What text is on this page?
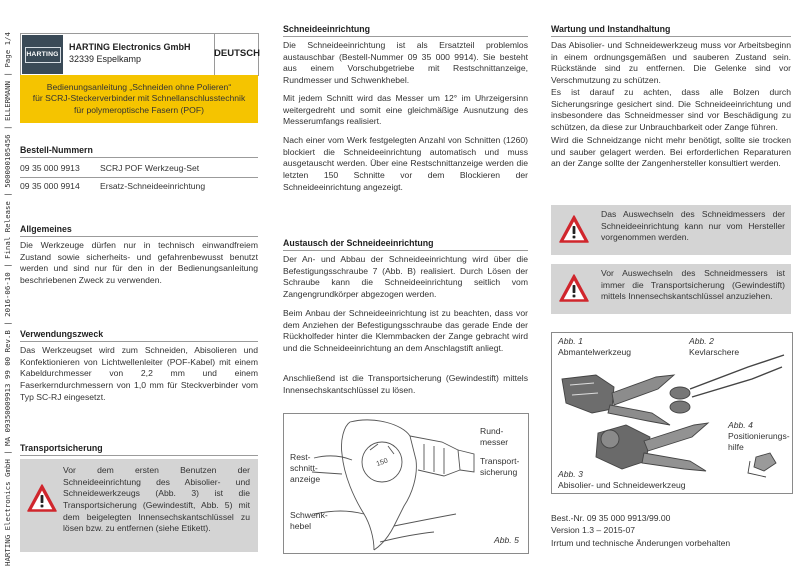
HARTING Electronics GmbH | MA 09350009913 99 00 Rev.B | 2016-06-10 | Final Release | 500000105456 | ELLERMANN | Page 1/4 HARTING
HARTING Electronics GmbH
32339 Espelkamp
DEUTSCH
Bedienungsanleitung „Schneiden ohne Polieren“
für SCRJ-Steckerverbinder mit Schnellanschlusstechnik
für polymeroptische Fasern (POF)
Bestell-Nummern
09 35 000 9913 SCRJ POF Werkzeug-Set
09 35 000 9914 Ersatz-Schneideeinrichtung
Allgemeines
Die Werkzeuge dürfen nur in technisch einwandfreiem Zustand sowie sicherheits- und gefahrenbewusst benutzt werden und sind nur für den in der Bedienungsanleitung beschriebenen Zweck zu verwenden.
Verwendungszweck
Das Werkzeugset wird zum Schneiden, Abisolieren und Konfektionieren von Lichtwellenleiter (POF-Kabel) mit einem Kabeldurchmesser von 2,2 mm und einem Faserkerndurchmessern von 1,0 mm für Steckverbinder vom Typ SC-RJ eingesetzt.
Transportsicherung
Vor dem ersten Benutzen der Schneideeinrichtung des Abisolier- und Schneidewerkzeugs (Abb. 3) ist die Transportsicherung (Gewindestift, Abb. 5) mit dem beigelegten Innensechskantschlüssel zu lösen bzw. zu entfernen (siehe Etikett).
Schneideeinrichtung
Die Schneideeinrichtung ist als Ersatzteil problemlos austauschbar (Bestell-Nummer 09 35 000 9914). Sie besteht aus einem Vorschubgetriebe mit Restschnittanzeige, Rundmesser und Schwenkhebel.
Mit jedem Schnitt wird das Messer um 12° im Uhrzeigersinn weitergedreht und somit eine gleichmäßige Ausnutzung des Messerumfangs realisiert.
Nach einer vom Werk festgelegten Anzahl von Schnitten (1260) blockiert die Schneideeinrichtung automatisch und muss ausgetauscht werden. Über eine Restschnittanzeige werden die letzten 150 Schnitte vor dem Blockieren der Schneideeinrichtung angezeigt.
Austausch der Schneideeinrichtung
Der An- und Abbau der Schneideeinrichtung wird über die Befestigungsschraube 7 (Abb. B) realisiert. Durch Lösen der Schraube kann die Schneideeinrichtung seitlich vom Zangengrundkörper abgezogen werden.
Beim Anbau der Schneideeinrichtung ist zu beachten, dass vor dem Anziehen der Befestigungsschraube das gerade Ende der Rückholfeder hinter die Klemmbacken der Zange gebracht wird und die Schneideeinrichtung an dem Anschlagstift anliegt.
Anschließend ist die Transportsicherung (Gewindestift) mittels Innensechskantschlüssel zu lösen.
150
Rest-
schnitt-
anzeige
Schwenk-
hebel
Rund-
messer
Transport-
sicherung
Abb. 5
Wartung und Instandhaltung
Das Abisolier- und Schneidewerkzeug muss vor Arbeitsbeginn in einem ordnungsgemäßen und sauberen Zustand sein. Rückstände sind zu entfernen. Die Gelenke sind vor Verschmutzung zu schützen.
Es ist darauf zu achten, dass alle Bolzen durch Sicherungsringe gesichert sind. Die Schneideeinrichtung und insbesondere das Schneidmesser sind vor Beschädigung zu schützen, da diese zur Unbrauchbarkeit oder Zange führen.
Wird die Schneidzange nicht mehr benötigt, sollte sie trocken und sauber gelagert werden. Bei erforderlichen Reparaturen an der Zange sollte der Zangenhersteller konsultiert werden.
Das Auswechseln des Schneidmessers der Schneideeinrichtung kann nur vom Hersteller vorgenommen werden.
Vor Auswechseln des Schneidmessers ist immer die Transportsicherung (Gewindestift) mittels Innensechskantschlüssel anzuziehen.
Abb. 1
Abmantelwerkzeug
Abb. 2
Kevlarschere
Abb. 4
Positionierungs-
hilfe
Abb. 3
Abisolier- und Schneidewerkzeug
Best.-Nr. 09 35 000 9913/99.00
Version 1.3 – 2015-07
Irrtum und technische Änderungen vorbehalten
